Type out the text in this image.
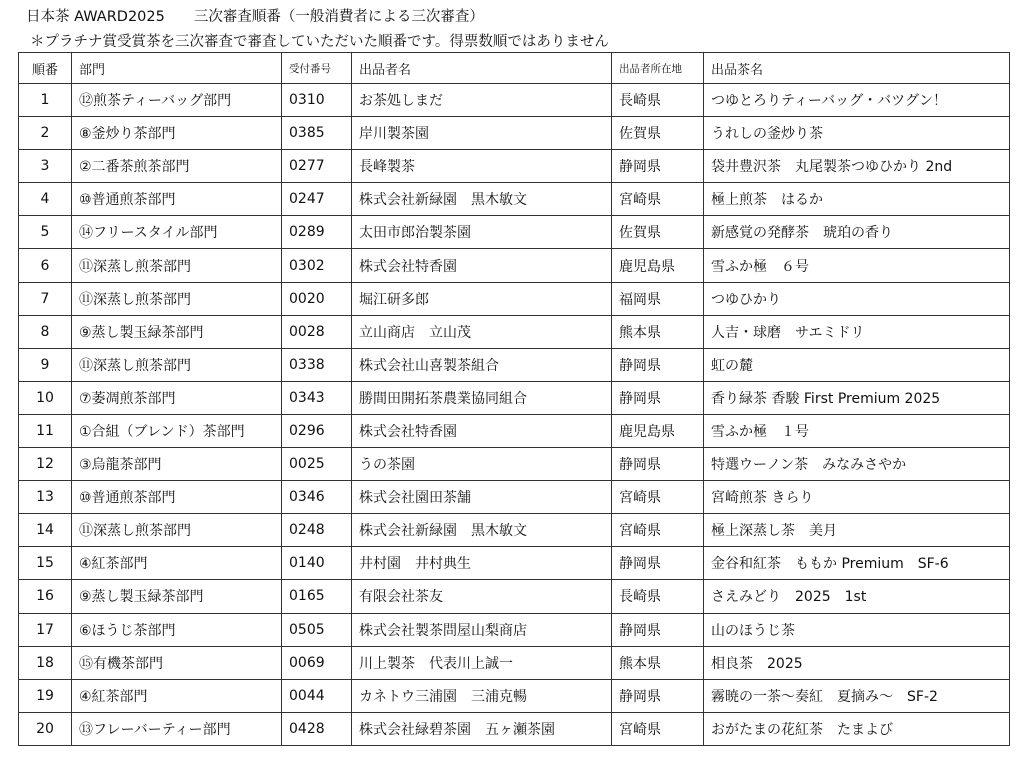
日本茶 AWARD2025　　三次審査順番（一般消費者による三次審査）
＊プラチナ賞受賞茶を三次審査で審査していただいた順番です。得票数順ではありません
順番	部門	受付番号	出品者名	出品者所在地	出品茶名
1	⑫煎茶ティーバッグ部門	0310	お茶処しまだ	長崎県	つゆとろりティーバッグ・バツグン！
2	⑧釜炒り茶部門	0385	岸川製茶園	佐賀県	うれしの釜炒り茶
3	②二番茶煎茶部門	0277	長峰製茶	静岡県	袋井豊沢茶　丸尾製茶つゆひかり 2nd
4	⑩普通煎茶部門	0247	株式会社新緑園　黒木敏文	宮崎県	極上煎茶　はるか
5	⑭フリースタイル部門	0289	太田市郎治製茶園	佐賀県	新感覚の発酵茶　琥珀の香り
6	⑪深蒸し煎茶部門	0302	株式会社特香園	鹿児島県	雪ふか極　６号
7	⑪深蒸し煎茶部門	0020	堀江研多郎	福岡県	つゆひかり
8	⑨蒸し製玉緑茶部門	0028	立山商店　立山茂	熊本県	人吉・球磨　サエミドリ
9	⑪深蒸し煎茶部門	0338	株式会社山喜製茶組合	静岡県	虹の麓
10	⑦萎凋煎茶部門	0343	勝間田開拓茶農業協同組合	静岡県	香り緑茶 香駿 First Premium 2025
11	①合組（ブレンド）茶部門	0296	株式会社特香園	鹿児島県	雪ふか極　１号
12	③烏龍茶部門	0025	うの茶園	静岡県	特選ウーノン茶　みなみさやか
13	⑩普通煎茶部門	0346	株式会社園田茶舗	宮崎県	宮崎煎茶 きらり
14	⑪深蒸し煎茶部門	0248	株式会社新緑園　黒木敏文	宮崎県	極上深蒸し茶　美月
15	④紅茶部門	0140	井村園　井村典生	静岡県	金谷和紅茶　ももか Premium　SF-6
16	⑨蒸し製玉緑茶部門	0165	有限会社茶友	長崎県	さえみどり　2025　1st
17	⑥ほうじ茶部門	0505	株式会社製茶問屋山梨商店	静岡県	山のほうじ茶
18	⑮有機茶部門	0069	川上製茶　代表川上誠一	熊本県	相良茶　2025
19	④紅茶部門	0044	カネトウ三浦園　三浦克暢	静岡県	霧暁の一茶〜奏紅　夏摘み〜　SF-2
20	⑬フレーバーティー部門	0428	株式会社緑碧茶園　五ヶ瀬茶園	宮崎県	おがたまの花紅茶　たまよび
